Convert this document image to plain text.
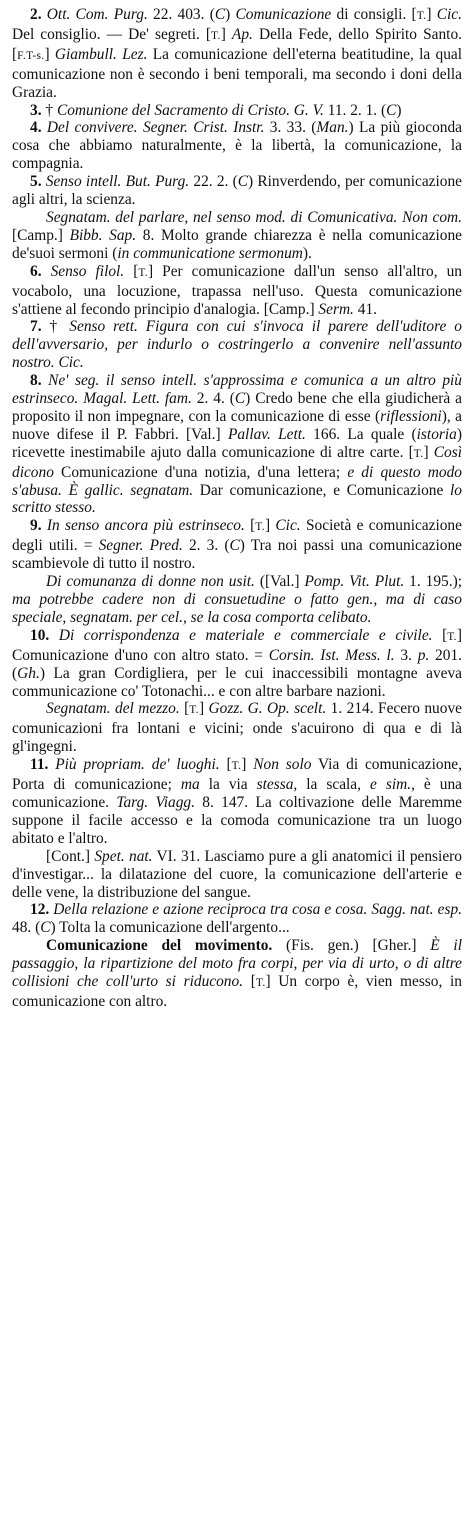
2. Ott. Com. Purg. 22. 403. (C) Comunicazione di consigli. [T.] Cic. Del consiglio. — De' segreti. [T.] Ap. Della Fede, dello Spirito Santo. [F.T-s.] Giambull. Lez. La comunicazione dell'eterna beatitudine, la qual comunicazione non è secondo i beni temporali, ma secondo i doni della Grazia.

3. † Comunione del Sacramento di Cristo. G. V. 11. 2. 1. (C)

4. Del convivere. Segner. Crist. Instr. 3. 33. (Man.) La più gioconda cosa che abbiamo naturalmente, è la libertà, la comunicazione, la compagnia.

5. Senso intell. But. Purg. 22. 2. (C) Rinverdendo, per comunicazione agli altri, la scienza.

Segnatam. del parlare, nel senso mod. di Comunicativa. Non com. [Camp.] Bibb. Sap. 8. Molto grande chiarezza è nella comunicazione de'suoi sermoni (in communicatione sermonum).

6. Senso filol. [T.] Per comunicazione dall'un senso all'altro, un vocabolo, una locuzione, trapassa nell'uso. Questa comunicazione s'attiene al fecondo principio d'analogia. [Camp.] Serm. 41.

7. † Senso rett. Figura con cui s'invoca il parere dell'uditore o dell'avversario, per indurlo o costringerlo a convenire nell'assunto nostro. Cic.

8. Ne' seg. il senso intell. s'approssima e comunica a un altro più estrinseco. Magal. Lett. fam. 2. 4. (C) Credo bene che ella giudicherà a proposito il non impegnare, con la comunicazione di esse (riflessioni), a nuove difese il P. Fabbri. [Val.] Pallav. Lett. 166. La quale (istoria) ricevette inestimabile ajuto dalla comunicazione di altre carte. [T.] Così dicono Comunicazione d'una notizia, d'una lettera; e di questo modo s'abusa. È gallic. segnatam. Dar comunicazione, e Comunicazione lo scritto stesso.

9. In senso ancora più estrinseco. [T.] Cic. Società e comunicazione degli utili. = Segner. Pred. 2. 3. (C) Tra noi passi una comunicazione scambievole di tutto il nostro.

Di comunanza di donne non usit. ([Val.] Pomp. Vit. Plut. 1. 195.); ma potrebbe cadere non di consuetudine o fatto gen., ma di caso speciale, segnatam. per cel., se la cosa comporta celibato.

10. Di corrispondenza e materiale e commerciale e civile. [T.] Comunicazione d'uno con altro stato. = Corsin. Ist. Mess. l. 3. p. 201. (Gh.) La gran Cordigliera, per le cui inaccessibili montagne aveva communicazione co' Totonachi... e con altre barbare nazioni.

Segnatam. del mezzo. [T.] Gozz. G. Op. scelt. 1. 214. Fecero nuove comunicazioni fra lontani e vicini; onde s'acuirono di qua e di là gl'ingegni.

11. Più propriam. de' luoghi. [T.] Non solo Via di comunicazione, Porta di comunicazione; ma la via stessa, la scala, e sim., è una comunicazione. Targ. Viagg. 8. 147. La coltivazione delle Maremme suppone il facile accesso e la comoda comunicazione tra un luogo abitato e l'altro.

[Cont.] Spet. nat. VI. 31. Lasciamo pure a gli anatomici il pensiero d'investigar... la dilatazione del cuore, la comunicazione dell'arterie e delle vene, la distribuzione del sangue.

12. Della relazione e azione reciproca tra cosa e cosa. Sagg. nat. esp. 48. (C) Tolta la comunicazione dell'argento...

Comunicazione del movimento. (Fis. gen.) [Gher.] È il passaggio, la ripartizione del moto fra corpi, per via di urto, o di altre collisioni che coll'urto si riducono. [T.] Un corpo è, vien messo, in comunicazione con altro.
